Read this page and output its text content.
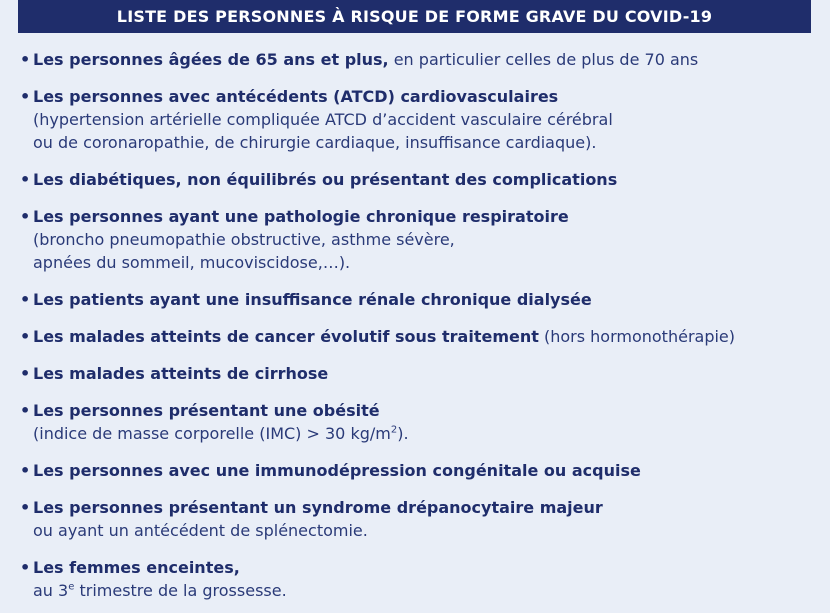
LISTE DES PERSONNES À RISQUE DE FORME GRAVE DU COVID-19
• Les personnes âgées de 65 ans et plus, en particulier celles de plus de 70 ans
• Les personnes avec antécédents (ATCD) cardiovasculaires
(hypertension artérielle compliquée ATCD d’accident vasculaire cérébral
ou de coronaropathie, de chirurgie cardiaque, insuffisance cardiaque).
• Les diabétiques, non équilibrés ou présentant des complications
• Les personnes ayant une pathologie chronique respiratoire
(broncho pneumopathie obstructive, asthme sévère,
apnées du sommeil, mucoviscidose,…).
• Les patients ayant une insuffisance rénale chronique dialysée
• Les malades atteints de cancer évolutif sous traitement (hors hormonothérapie)
• Les malades atteints de cirrhose
• Les personnes présentant une obésité
(indice de masse corporelle (IMC) > 30 $kg/m^2$).
• Les personnes avec une immunodépression congénitale ou acquise
• Les personnes présentant un syndrome drépanocytaire majeur
ou ayant un antécédent de splénectomie.
• Les femmes enceintes,
au 3e trimestre de la grossesse.
